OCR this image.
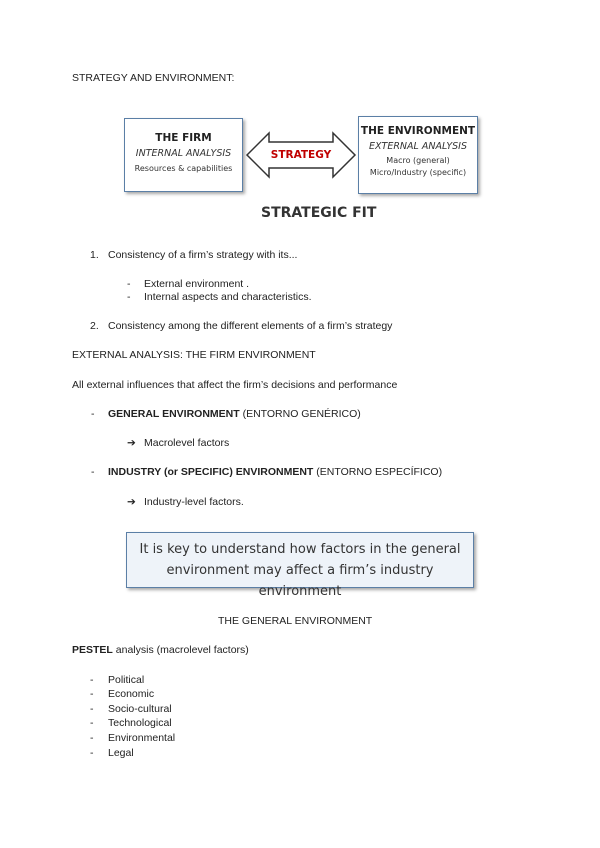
STRATEGY AND ENVIRONMENT:
THE FIRM
INTERNAL ANALYSIS
Resources & capabilities
STRATEGY
THE ENVIRONMENT
EXTERNAL ANALYSIS
Macro (general)
Micro/Industry (specific)
STRATEGIC FIT
1. Consistency of a firm’s strategy with its...
- External environment .
- Internal aspects and characteristics.
2. Consistency among the different elements of a firm’s strategy
EXTERNAL ANALYSIS: THE FIRM ENVIRONMENT
All external influences that affect the firm’s decisions and performance
- GENERAL ENVIRONMENT (ENTORNO GENÉRICO)
➔ Macrolevel factors
- INDUSTRY (or SPECIFIC) ENVIRONMENT (ENTORNO ESPECÍFICO)
➔ Industry-level factors.
It is key to understand how factors in the general
environment may affect a firm’s industry environment
THE GENERAL ENVIRONMENT
PESTEL analysis (macrolevel factors)
- Political
- Economic
- Socio-cultural
- Technological
- Environmental
- Legal
